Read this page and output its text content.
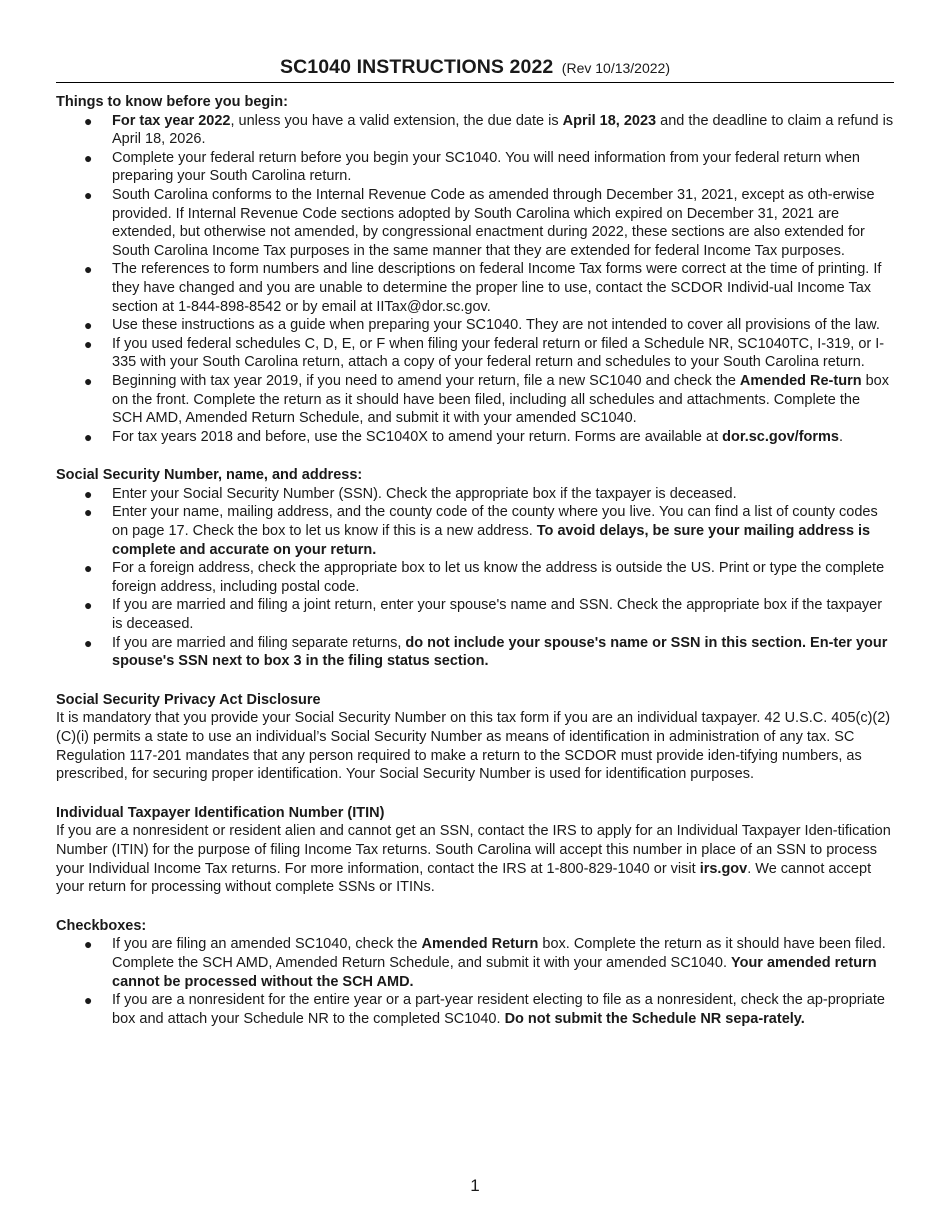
SC1040 INSTRUCTIONS 2022 (Rev 10/13/2022)

Things to know before you begin:

● For tax year 2022, unless you have a valid extension, the due date is April 18, 2023 and the deadline to claim a refund is April 18, 2026.
● Complete your federal return before you begin your SC1040. You will need information from your federal return when preparing your South Carolina return.
● South Carolina conforms to the Internal Revenue Code as amended through December 31, 2021, except as oth-erwise provided. If Internal Revenue Code sections adopted by South Carolina which expired on December 31, 2021 are extended, but otherwise not amended, by congressional enactment during 2022, these sections are also extended for South Carolina Income Tax purposes in the same manner that they are extended for federal Income Tax purposes.
● The references to form numbers and line descriptions on federal Income Tax forms were correct at the time of printing. If they have changed and you are unable to determine the proper line to use, contact the SCDOR Individ-ual Income Tax section at 1-844-898-8542 or by email at IITax@dor.sc.gov.
● Use these instructions as a guide when preparing your SC1040. They are not intended to cover all provisions of the law.
● If you used federal schedules C, D, E, or F when filing your federal return or filed a Schedule NR, SC1040TC, I-319, or I-335 with your South Carolina return, attach a copy of your federal return and schedules to your South Carolina return.
● Beginning with tax year 2019, if you need to amend your return, file a new SC1040 and check the Amended Re-turn box on the front. Complete the return as it should have been filed, including all schedules and attachments. Complete the SCH AMD, Amended Return Schedule, and submit it with your amended SC1040.
● For tax years 2018 and before, use the SC1040X to amend your return. Forms are available at dor.sc.gov/forms.

Social Security Number, name, and address:

● Enter your Social Security Number (SSN). Check the appropriate box if the taxpayer is deceased.
● Enter your name, mailing address, and the county code of the county where you live. You can find a list of county codes on page 17. Check the box to let us know if this is a new address. To avoid delays, be sure your mailing address is complete and accurate on your return.
● For a foreign address, check the appropriate box to let us know the address is outside the US. Print or type the complete foreign address, including postal code.
● If you are married and filing a joint return, enter your spouse's name and SSN. Check the appropriate box if the taxpayer is deceased.
● If you are married and filing separate returns, do not include your spouse's name or SSN in this section. En-ter your spouse's SSN next to box 3 in the filing status section.

Social Security Privacy Act Disclosure

It is mandatory that you provide your Social Security Number on this tax form if you are an individual taxpayer. 42 U.S.C. 405(c)(2)(C)(i) permits a state to use an individual’s Social Security Number as means of identification in administration of any tax. SC Regulation 117-201 mandates that any person required to make a return to the SCDOR must provide iden-tifying numbers, as prescribed, for securing proper identification. Your Social Security Number is used for identification purposes.

Individual Taxpayer Identification Number (ITIN)

If you are a nonresident or resident alien and cannot get an SSN, contact the IRS to apply for an Individual Taxpayer Iden-tification Number (ITIN) for the purpose of filing Income Tax returns. South Carolina will accept this number in place of an SSN to process your Individual Income Tax returns. For more information, contact the IRS at 1-800-829-1040 or visit irs.gov. We cannot accept your return for processing without complete SSNs or ITINs.

Checkboxes:

● If you are filing an amended SC1040, check the Amended Return box. Complete the return as it should have been filed. Complete the SCH AMD, Amended Return Schedule, and submit it with your amended SC1040. Your amended return cannot be processed without the SCH AMD.
● If you are a nonresident for the entire year or a part-year resident electing to file as a nonresident, check the ap-propriate box and attach your Schedule NR to the completed SC1040. Do not submit the Schedule NR sepa-rately.
1
